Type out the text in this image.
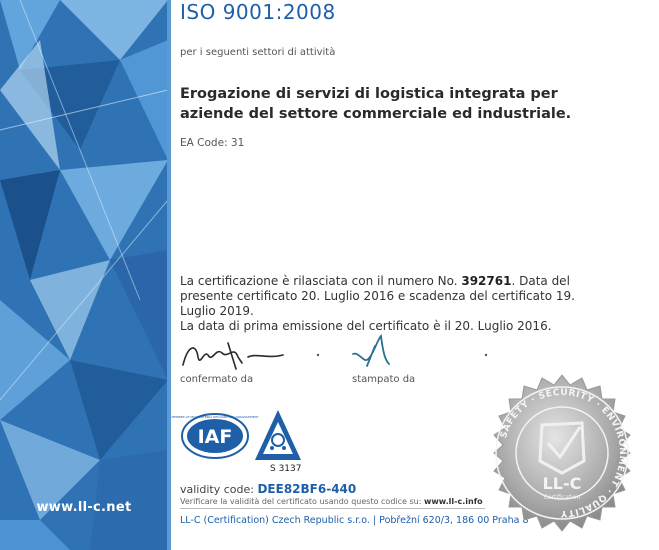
www.ll-c.net
ISO 9001:2008
per i seguenti settori di attività
Erogazione di servizi di logistica integrata per aziende del settore commerciale ed industriale.
EA Code: 31
La certificazione è rilasciata con il numero No. 392761. Data del presente certificato 20. Luglio 2016 e scadenza del certificato 19. Luglio 2019.
La data di prima emissione del certificato è il 20. Luglio 2016.
confermato da	stampato da
IAF
MEMBER OF MULTILATERAL RECOGNITION ARRANGEMENT
S 3137
validity code: DEE82BF6-440
Verificare la validità del certificato usando questo codice su: www.ll-c.info
LL-C (Certification) Czech Republic s.r.o. | Pobřežní 620/3, 186 00 Praha 8
SAFETY · SECURITY · ENVIRONMENT · QUALITY
LL-C
Certification
